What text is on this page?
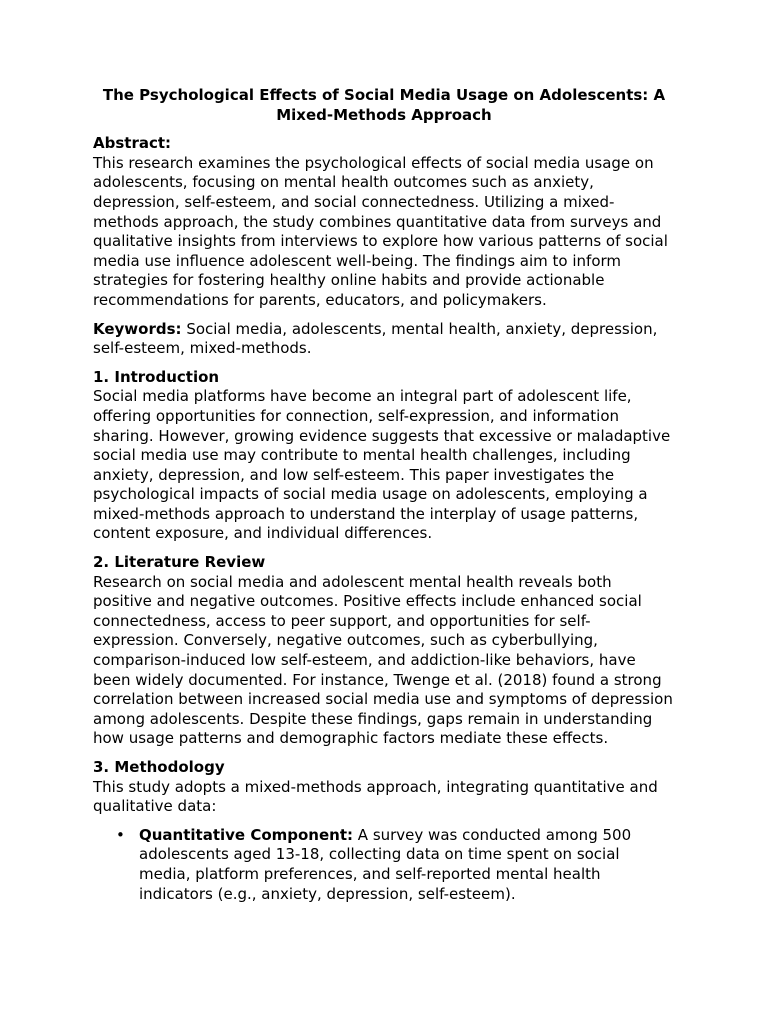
The Psychological Effects of Social Media Usage on Adolescents: A Mixed-Methods Approach
Abstract:

This research examines the psychological effects of social media usage on adolescents, focusing on mental health outcomes such as anxiety, depression, self-esteem, and social connectedness. Utilizing a mixed-methods approach, the study combines quantitative data from surveys and qualitative insights from interviews to explore how various patterns of social media use influence adolescent well-being. The findings aim to inform strategies for fostering healthy online habits and provide actionable recommendations for parents, educators, and policymakers.

Keywords: Social media, adolescents, mental health, anxiety, depression, self-esteem, mixed-methods.

1. Introduction

Social media platforms have become an integral part of adolescent life, offering opportunities for connection, self-expression, and information sharing. However, growing evidence suggests that excessive or maladaptive social media use may contribute to mental health challenges, including anxiety, depression, and low self-esteem. This paper investigates the psychological impacts of social media usage on adolescents, employing a mixed-methods approach to understand the interplay of usage patterns, content exposure, and individual differences.

2. Literature Review

Research on social media and adolescent mental health reveals both positive and negative outcomes. Positive effects include enhanced social connectedness, access to peer support, and opportunities for self-expression. Conversely, negative outcomes, such as cyberbullying, comparison-induced low self-esteem, and addiction-like behaviors, have been widely documented. For instance, Twenge et al. (2018) found a strong correlation between increased social media use and symptoms of depression among adolescents. Despite these findings, gaps remain in understanding how usage patterns and demographic factors mediate these effects.

3. Methodology

This study adopts a mixed-methods approach, integrating quantitative and qualitative data:

• Quantitative Component: A survey was conducted among 500 adolescents aged 13-18, collecting data on time spent on social media, platform preferences, and self-reported mental health indicators (e.g., anxiety, depression, self-esteem).
